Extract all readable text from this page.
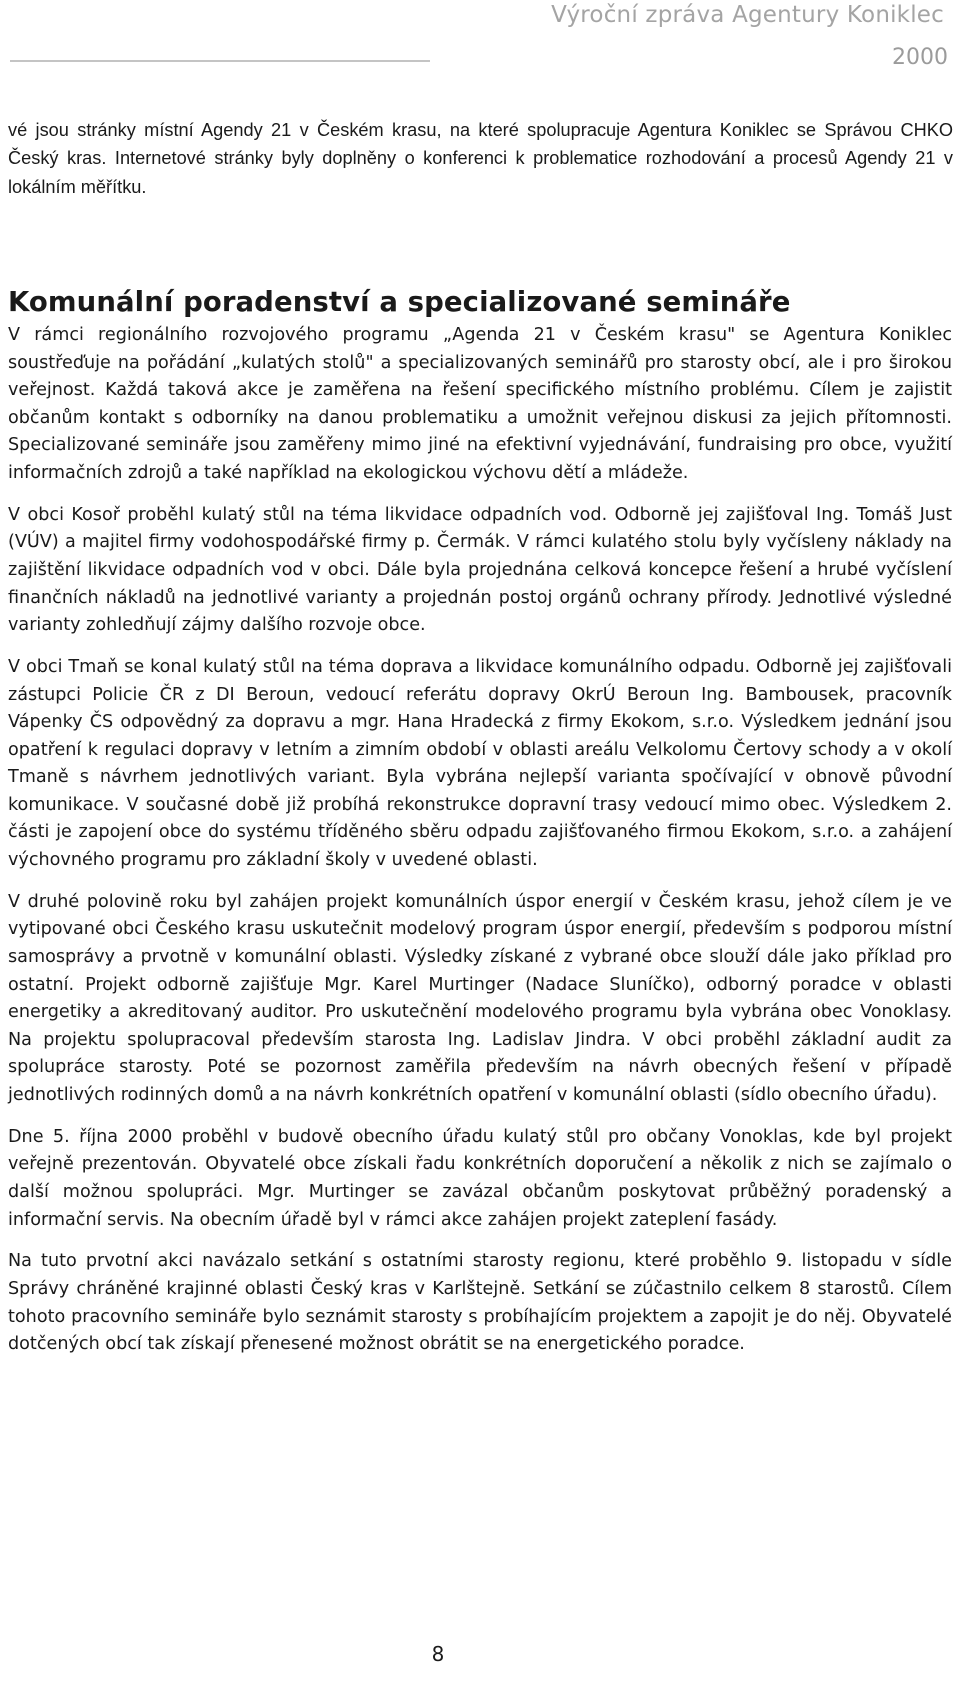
Výroční zpráva Agentury Koniklec
2000
vé jsou stránky místní Agendy 21 v Českém krasu, na které spolupracuje Agentura Koniklec se Správou CHKO Český kras. Internetové stránky byly doplněny o konferenci k problematice rozhodování a procesů Agendy 21 v lokálním měřítku.
Komunální poradenství a specializované semináře

V rámci regionálního rozvojového programu „Agenda 21 v Českém krasu" se Agentura Koniklec soustřeďuje na pořádání „kulatých stolů" a specializovaných seminářů pro starosty obcí, ale i pro širokou veřejnost. Každá taková akce je zaměřena na řešení specifického místního problému. Cílem je zajistit občanům kontakt s odborníky na danou problematiku a umožnit veřejnou diskusi za jejich přítomnosti. Specializované semináře jsou zaměřeny mimo jiné na efektivní vyjednávání, fundraising pro obce, využití informačních zdrojů a také například na ekologickou výchovu dětí a mládeže.

V obci Kosoř proběhl kulatý stůl na téma likvidace odpadních vod. Odborně jej zajišťoval Ing. Tomáš Just (VÚV) a majitel firmy vodohospodářské firmy p. Čermák. V rámci kulatého stolu byly vyčísleny náklady na zajištění likvidace odpadních vod v obci. Dále byla projednána celková koncepce řešení a hrubé vyčíslení finančních nákladů na jednotlivé varianty a projednán postoj orgánů ochrany přírody. Jednotlivé výsledné varianty zohledňují zájmy dalšího rozvoje obce.

V obci Tmaň se konal kulatý stůl na téma doprava a likvidace komunálního odpadu. Odborně jej zajišťovali zástupci Policie ČR z DI Beroun, vedoucí referátu dopravy OkrÚ Beroun Ing. Bambousek, pracovník Vápenky ČS odpovědný za dopravu a mgr. Hana Hradecká z firmy Ekokom, s.r.o. Výsledkem jednání jsou opatření k regulaci dopravy v letním a zimním období v oblasti areálu Velkolomu Čertovy schody a v okolí Tmaně s návrhem jednotlivých variant. Byla vybrána nejlepší varianta spočívající v obnově původní komunikace. V současné době již probíhá rekonstrukce dopravní trasy vedoucí mimo obec. Výsledkem 2. části je zapojení obce do systému tříděného sběru odpadu zajišťovaného firmou Ekokom, s.r.o. a zahájení výchovného programu pro základní školy v uvedené oblasti.

V druhé polovině roku byl zahájen projekt komunálních úspor energií v Českém krasu, jehož cílem je ve vytipované obci Českého krasu uskutečnit modelový program úspor energií, především s podporou místní samosprávy a prvotně v komunální oblasti. Výsledky získané z vybrané obce slouží dále jako příklad pro ostatní. Projekt odborně zajišťuje Mgr. Karel Murtinger (Nadace Sluníčko), odborný poradce v oblasti energetiky a akreditovaný auditor. Pro uskutečnění modelového programu byla vybrána obec Vonoklasy. Na projektu spolupracoval především starosta Ing. Ladislav Jindra. V obci proběhl základní audit za spolupráce starosty. Poté se pozornost zaměřila především na návrh obecných řešení v případě jednotlivých rodinných domů a na návrh konkrétních opatření v komunální oblasti (sídlo obecního úřadu).

Dne 5. října 2000 proběhl v budově obecního úřadu kulatý stůl pro občany Vonoklas, kde byl projekt veřejně prezentován. Obyvatelé obce získali řadu konkrétních doporučení a několik z nich se zajímalo o další možnou spolupráci. Mgr. Murtinger se zavázal občanům poskytovat průběžný poradenský a informační servis. Na obecním úřadě byl v rámci akce zahájen projekt zateplení fasády.

Na tuto prvotní akci navázalo setkání s ostatními starosty regionu, které proběhlo 9. listopadu v sídle Správy chráněné krajinné oblasti Český kras v Karlštejně. Setkání se zúčastnilo celkem 8 starostů. Cílem tohoto pracovního semináře bylo seznámit starosty s probíhajícím projektem a zapojit je do něj. Obyvatelé dotčených obcí tak získají přenesené možnost obrátit se na energetického poradce.

8
